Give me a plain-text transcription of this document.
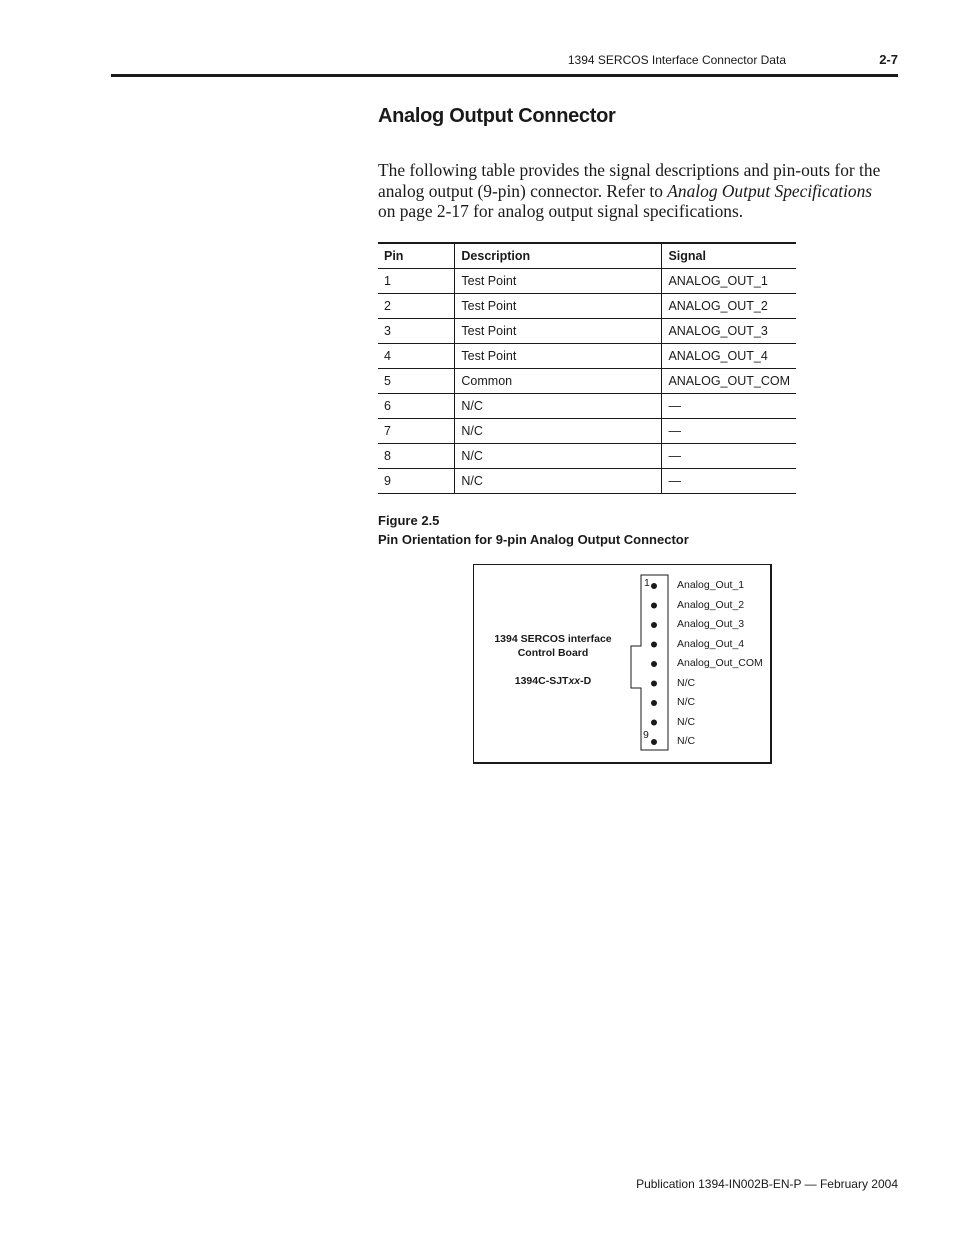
1394 SERCOS Interface Connector Data	2-7
Analog Output Connector

The following table provides the signal descriptions and pin-outs for the analog output (9-pin) connector. Refer to Analog Output Specifications on page 2-17 for analog output signal specifications.

Pin	Description	Signal
1	Test Point	ANALOG_OUT_1
2	Test Point	ANALOG_OUT_2
3	Test Point	ANALOG_OUT_3
4	Test Point	ANALOG_OUT_4
5	Common	ANALOG_OUT_COM
6	N/C	—
7	N/C	—
8	N/C	—
9	N/C	—
Figure 2.5
Pin Orientation for 9-pin Analog Output Connector
1394 SERCOS interface
Control Board
1394C-SJTxx-D
1
9
Analog_Out_1
Analog_Out_2
Analog_Out_3
Analog_Out_4
Analog_Out_COM
N/C
N/C
N/C
N/C
Publication 1394-IN002B-EN-P — February 2004
